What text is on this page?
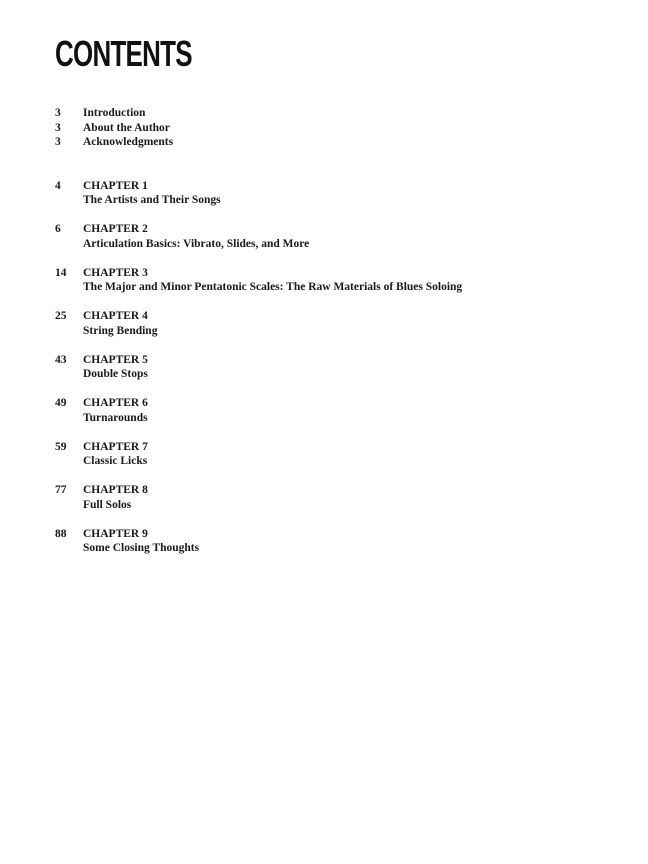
CONTENTS
3	Introduction
3	About the Author
3	Acknowledgments
4	CHAPTER 1
The Artists and Their Songs
6	CHAPTER 2
Articulation Basics: Vibrato, Slides, and More
14	CHAPTER 3
The Major and Minor Pentatonic Scales: The Raw Materials of Blues Soloing
25	CHAPTER 4
String Bending
43	CHAPTER 5
Double Stops
49	CHAPTER 6
Turnarounds
59	CHAPTER 7
Classic Licks
77	CHAPTER 8
Full Solos
88	CHAPTER 9
Some Closing Thoughts
